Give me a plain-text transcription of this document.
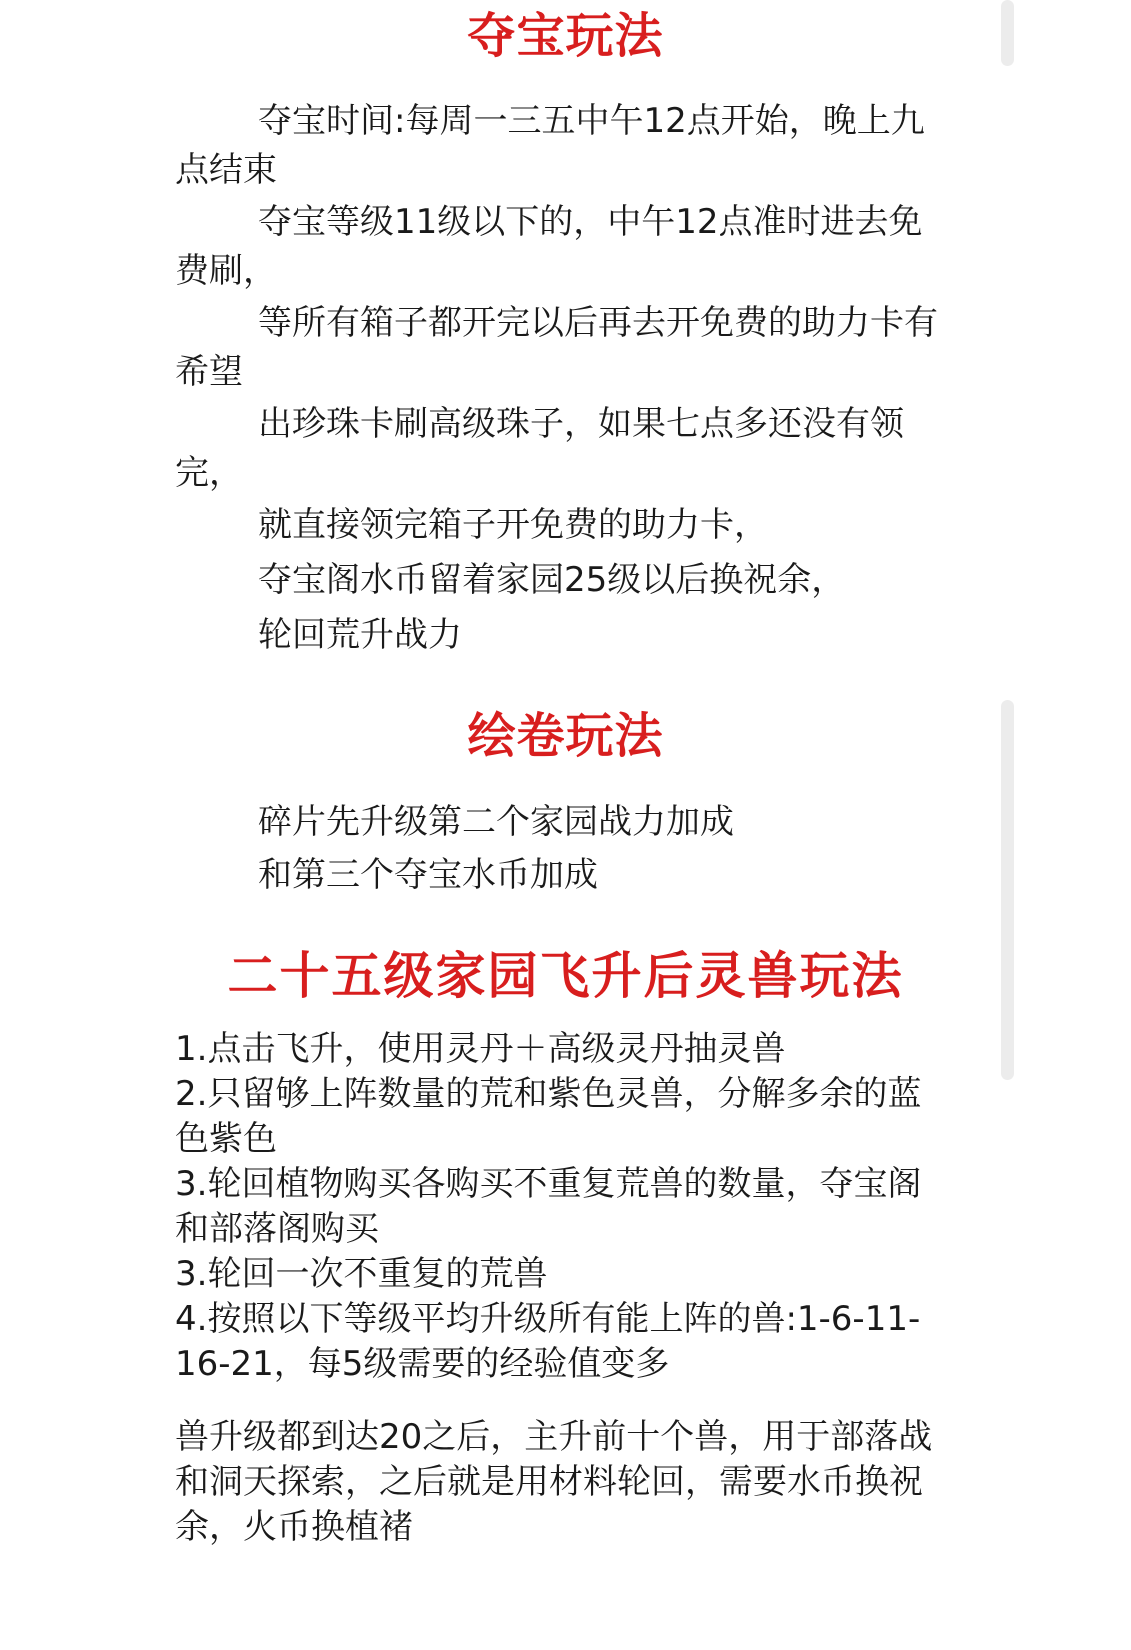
夺宝玩法

夺宝时间:每周一三五中午12点开始，晚上九点结束

夺宝等级11级以下的，中午12点准时进去免费刷，

等所有箱子都开完以后再去开免费的助力卡有希望

出珍珠卡刷高级珠子，如果七点多还没有领完，

就直接领完箱子开免费的助力卡，

夺宝阁水币留着家园25级以后换祝余，

轮回荒升战力

绘卷玩法

碎片先升级第二个家园战力加成

和第三个夺宝水币加成

二十五级家园飞升后灵兽玩法
1.点击飞升，使用灵丹＋高级灵丹抽灵兽
2.只留够上阵数量的荒和紫色灵兽，分解多余的蓝色紫色
3.轮回植物购买各购买不重复荒兽的数量，夺宝阁和部落阁购买
3.轮回一次不重复的荒兽
4.按照以下等级平均升级所有能上阵的兽:1-6-11-16-21，每5级需要的经验值变多

兽升级都到达20之后，主升前十个兽，用于部落战和洞天探索，之后就是用材料轮回，需要水币换祝余，火币换植褚
